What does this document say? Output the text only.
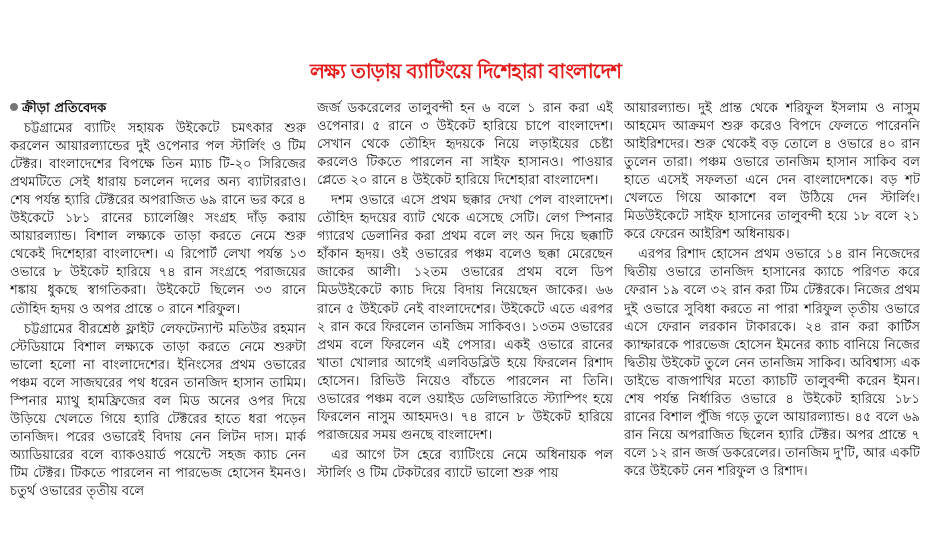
লক্ষ্য তাড়ায় ব্যাটিংয়ে দিশেহারা বাংলাদেশ

ক্রীড়া প্রতিবেদক

চট্টগ্রামের ব্যাটিং সহায়ক উইকেটে চমৎকার শুরু করলেন আয়ারল্যান্ডের দুই ওপেনার পল স্টার্লিং ও টিম টেক্টর। বাংলাদেশের বিপক্ষে তিন ম্যাচ টি-২০ সিরিজের প্রথমটিতে সেই ধারায় চললেন দলের অন্য ব্যাটাররাও। শেষ পর্যন্ত হ্যারি টেক্টরের অপরাজিত ৬৯ রানে ভর করে ৪ উইকেটে ১৮১ রানের চ্যালেঞ্জিং সংগ্রহ দাঁড় করায় আয়ারল্যান্ড। বিশাল লক্ষ্যকে তাড়া করতে নেমে শুরু থেকেই দিশেহারা বাংলাদেশ। এ রিপোর্ট লেখা পর্যন্ত ১৩ ওভারে ৮ উইকেট হারিয়ে ৭৪ রান সংগ্রহে পরাজয়ের শঙ্কায় ধুকছে স্বাগতিকরা। উইকেটে ছিলেন ৩৩ রানে তৌহিদ হৃদয় ও অপর প্রান্তে ০ রানে শরিফুল।

চট্টগ্রামের বীরশ্রেষ্ঠ ফ্লাইট লেফটেন্যান্ট মতিউর রহমান স্টেডিয়ামে বিশাল লক্ষ্যকে তাড়া করতে নেমে শুরুটা ভালো হলো না বাংলাদেশের। ইনিংসের প্রথম ওভারের পঞ্চম বলে সাজঘরের পথ ধরেন তানজিদ হাসান তামিম। স্পিনার ম্যাথু হামফ্রিজের বল মিড অনের ওপর দিয়ে উড়িয়ে খেলতে গিয়ে হ্যারি টেক্টরের হাতে ধরা পড়েন তানজিদ। পরের ওভারেই বিদায় নেন লিটন দাস। মার্ক অ্যাডিয়ারের বলে ব্যাকওয়ার্ড পয়েন্টে সহজ ক্যাচ নেন টিম টেক্টর। টিকতে পারলেন না পারভেজ হোসেন ইমনও। চতুর্থ ওভারের তৃতীয় বলে

জর্জ ডকরেলের তালুবন্দী হন ৬ বলে ১ রান করা এই ওপেনার। ৫ রানে ৩ উইকেট হারিয়ে চাপে বাংলাদেশ। সেখান থেকে তৌহিদ হৃদয়কে নিয়ে লড়াইয়ের চেষ্টা করলেও টিকতে পারলেন না সাইফ হাসানও। পাওয়ার প্লেতে ২০ রানে ৪ উইকেট হারিয়ে দিশেহারা বাংলাদেশ।

দশম ওভারে এসে প্রথম ছক্কার দেখা পেল বাংলাদেশ। তৌহিদ হৃদয়ের ব্যাট থেকে এসেছে সেটি। লেগ স্পিনার গ্যারেথ ডেলানির করা প্রথম বলে লং অন দিয়ে ছক্কাটি হাঁকান হৃদয়। ওই ওভারের পঞ্চম বলেও ছক্কা মেরেছেন জাকের আলী। ১২তম ওভারের প্রথম বলে ডিপ মিডউইকেটে ক্যাচ দিয়ে বিদায় নিয়েছেন জাকের। ৬৬ রানে ৫ উইকেট নেই বাংলাদেশের। উইকেটে এতে এরপর ২ রান করে ফিরলেন তানজিম সাকিবও। ১৩তম ওভারের প্রথম বলে ফিরলেন এই পেসার। একই ওভারে রানের খাতা খোলার আগেই এলবিডব্লিউ হয়ে ফিরলেন রিশাদ হোসেন। রিভিউ নিয়েও বাঁচতে পারলেন না তিনি। ওভারের পঞ্চম বলে ওয়াইড ডেলিভারিতে স্ট্যাম্পিং হয়ে ফিরলেন নাসুম আহমদও। ৭৪ রানে ৮ উইকেট হারিয়ে পরাজয়ের সময় গুনছে বাংলাদেশ।

এর আগে টস হেরে ব্যাটিংয়ে নেমে অধিনায়ক পল স্টার্লিং ও টিম টেকটরের ব্যাটে ভালো শুরু পায়

আয়ারল্যান্ড। দুই প্রান্ত থেকে শরিফুল ইসলাম ও নাসুম আহমেদ আক্রমণ শুরু করেও বিপদে ফেলতে পারেননি আইরিশদের। শুরু থেকেই বড় তোলে ৪ ওভারে ৪০ রান তুলেন তারা। পঞ্চম ওভারে তানজিম হাসান সাকিব বল হাতে এসেই সফলতা এনে দেন বাংলাদেশকে। বড় শট খেলতে গিয়ে আকাশে বল উঠিয়ে দেন স্টার্লিং। মিডউইকেটে সাইফ হাসানের তালুবন্দী হয়ে ১৮ বলে ২১ করে ফেরেন আইরিশ অধিনায়ক।

এরপর রিশাদ হোসেন প্রথম ওভারে ১৪ রান নিজেদের দ্বিতীয় ওভারে তানজিদ হাসানের ক্যাচে পরিণত করে ফেরান ১৯ বলে ৩২ রান করা টিম টেক্টরকে। নিজের প্রথম দুই ওভারে সুবিধা করতে না পারা শরিফুল তৃতীয় ওভারে এসে ফেরান লরকান টাকারকে। ২৪ রান করা কার্টিস ক্যাম্ফারকে পারভেজ হোসেন ইমনের ক্যাচ বানিয়ে নিজের দ্বিতীয় উইকেট তুলে নেন তানজিম সাকিব। অবিশ্বাস্য এক ডাইভে বাজপাখির মতো ক্যাচটি তালুবন্দী করেন ইমন। শেষ পর্যন্ত নির্ধারিত ওভারে ৪ উইকেট হারিয়ে ১৮১ রানের বিশাল পুঁজি গড়ে তুলে আয়ারল্যান্ড। ৪৫ বলে ৬৯ রান নিয়ে অপরাজিত ছিলেন হ্যারি টেক্টর। অপর প্রান্তে ৭ বলে ১২ রান জর্জ ডকরেলের। তানজিম দু'টি, আর একটি করে উইকেট নেন শরিফুল ও রিশাদ।
